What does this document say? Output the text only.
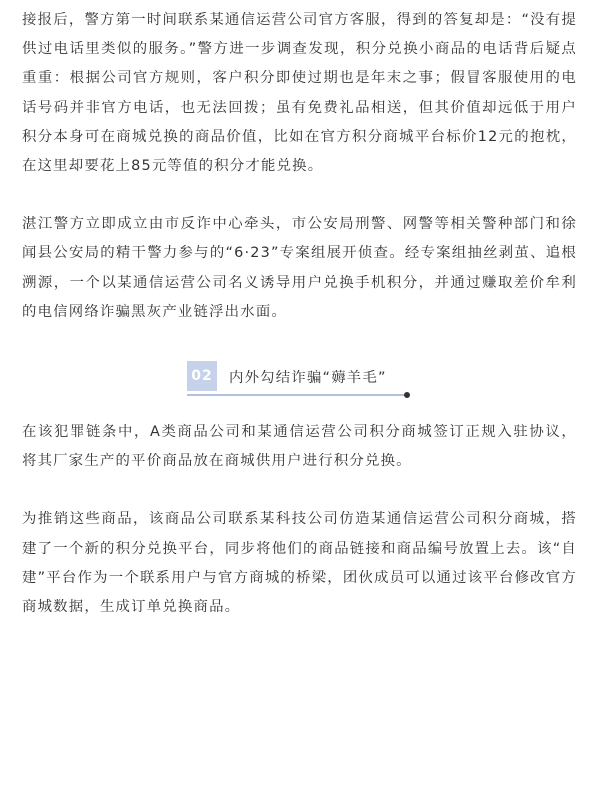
接报后，警方第一时间联系某通信运营公司官方客服，得到的答复却是：“没有提供过电话里类似的服务。”警方进一步调查发现，积分兑换小商品的电话背后疑点重重：根据公司官方规则，客户积分即使过期也是年末之事；假冒客服使用的电话号码并非官方电话，也无法回拨；虽有免费礼品相送，但其价值却远低于用户积分本身可在商城兑换的商品价值，比如在官方积分商城平台标价12元的抱枕，在这里却要花上85元等值的积分才能兑换。

湛江警方立即成立由市反诈中心牵头，市公安局刑警、网警等相关警种部门和徐闻县公安局的精干警力参与的“6·23”专案组展开侦查。经专案组抽丝剥茧、追根溯源，一个以某通信运营公司名义诱导用户兑换手机积分，并通过赚取差价牟利的电信网络诈骗黑灰产业链浮出水面。

02 内外勾结诈骗“薅羊毛”

在该犯罪链条中，A类商品公司和某通信运营公司积分商城签订正规入驻协议，将其厂家生产的平价商品放在商城供用户进行积分兑换。

为推销这些商品，该商品公司联系某科技公司仿造某通信运营公司积分商城，搭建了一个新的积分兑换平台，同步将他们的商品链接和商品编号放置上去。该“自建”平台作为一个联系用户与官方商城的桥梁，团伙成员可以通过该平台修改官方商城数据，生成订单兑换商品。
